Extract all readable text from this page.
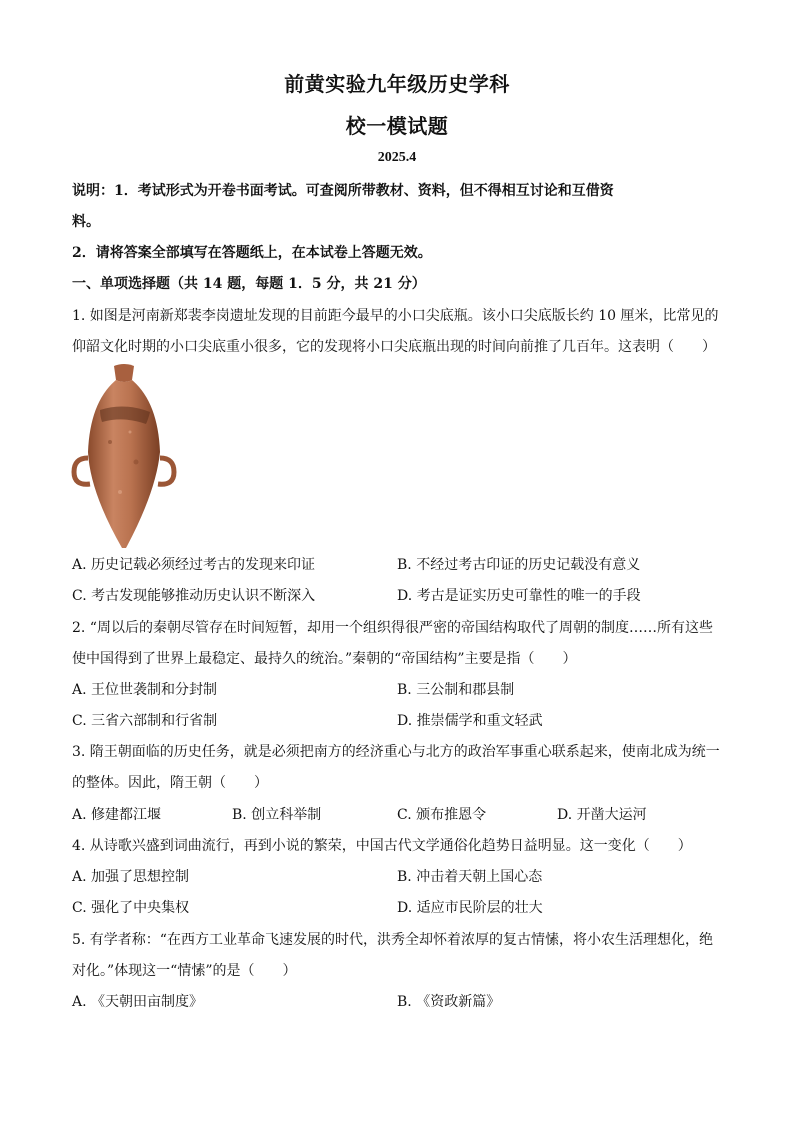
前黄实验九年级历史学科
校一模试题
2025.4
说明：1．考试形式为开卷书面考试。可查阅所带教材、资料，但不得相互讨论和互借资
料。
2．请将答案全部填写在答题纸上，在本试卷上答题无效。
一、单项选择题（共 14 题，每题 1．5 分，共 21 分）
1. 如图是河南新郑裴李岗遗址发现的目前距今最早的小口尖底瓶。该小口尖底版长约 10 厘米，比常见的
仰韶文化时期的小口尖底重小很多，它的发现将小口尖底瓶出现的时间向前推了几百年。这表明（　　）
A. 历史记载必须经过考古的发现来印证	B. 不经过考古印证的历史记载没有意义
C. 考古发现能够推动历史认识不断深入	D. 考古是证实历史可靠性的唯一的手段
2. “周以后的秦朝尽管存在时间短暂，却用一个组织得很严密的帝国结构取代了周朝的制度……所有这些
使中国得到了世界上最稳定、最持久的统治。”秦朝的“帝国结构”主要是指（　　）
A. 王位世袭制和分封制	B. 三公制和郡县制
C. 三省六部制和行省制	D. 推崇儒学和重文轻武
3. 隋王朝面临的历史任务，就是必须把南方的经济重心与北方的政治军事重心联系起来，使南北成为统一
的整体。因此，隋王朝（　　）
A. 修建都江堰	B. 创立科举制	C. 颁布推恩令	D. 开凿大运河
4. 从诗歌兴盛到词曲流行，再到小说的繁荣，中国古代文学通俗化趋势日益明显。这一变化（　　）
A. 加强了思想控制	B. 冲击着天朝上国心态
C. 强化了中央集权	D. 适应市民阶层的壮大
5. 有学者称：“在西方工业革命飞速发展的时代，洪秀全却怀着浓厚的复古情愫，将小农生活理想化，绝
对化。”体现这一“情愫”的是（　　）
A. 《天朝田亩制度》	B. 《资政新篇》
